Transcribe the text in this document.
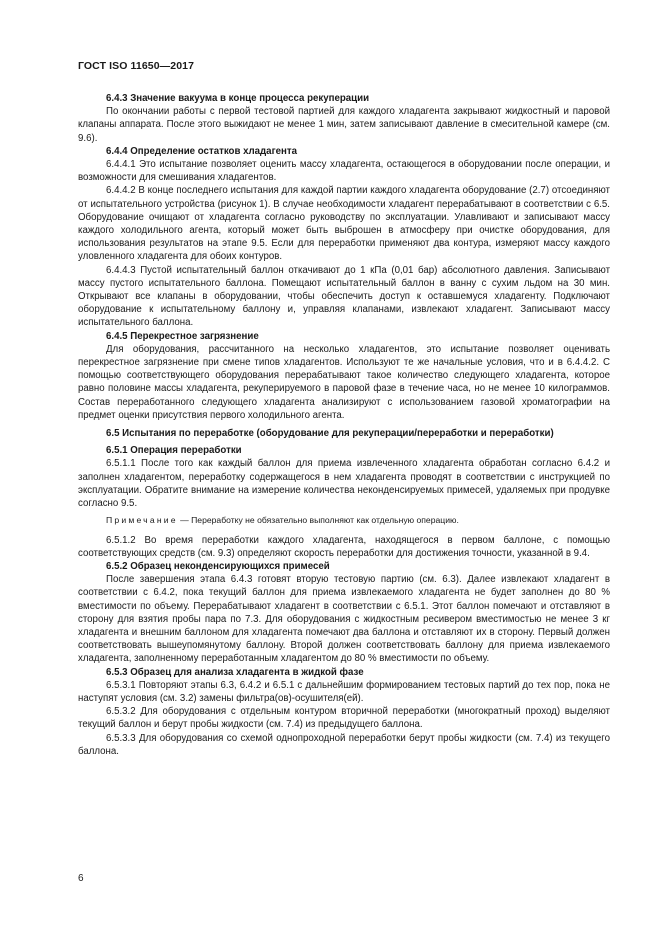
ГОСТ ISO 11650—2017

6.4.3 Значение вакуума в конце процесса рекуперации

По окончании работы с первой тестовой партией для каждого хладагента закрывают жидкостный и паровой клапаны аппарата. После этого выжидают не менее 1 мин, затем записывают давление в смесительной камере (см. 9.6).

6.4.4 Определение остатков хладагента

6.4.4.1 Это испытание позволяет оценить массу хладагента, остающегося в оборудовании после операции, и возможности для смешивания хладагентов.

6.4.4.2 В конце последнего испытания для каждой партии каждого хладагента оборудование (2.7) отсоединяют от испытательного устройства (рисунок 1). В случае необходимости хладагент перерабатывают в соответствии с 6.5. Оборудование очищают от хладагента согласно руководству по эксплуатации. Улавливают и записывают массу каждого холодильного агента, который может быть выброшен в атмосферу при очистке оборудования, для использования результатов на этапе 9.5. Если для переработки применяют два контура, измеряют массу каждого уловленного хладагента для обоих контуров.

6.4.4.3 Пустой испытательный баллон откачивают до 1 кПа (0,01 бар) абсолютного давления. Записывают массу пустого испытательного баллона. Помещают испытательный баллон в ванну с сухим льдом на 30 мин. Открывают все клапаны в оборудовании, чтобы обеспечить доступ к оставшемуся хладагенту. Подключают оборудование к испытательному баллону и, управляя клапанами, извлекают хладагент. Записывают массу испытательного баллона.

6.4.5 Перекрестное загрязнение

Для оборудования, рассчитанного на несколько хладагентов, это испытание позволяет оценивать перекрестное загрязнение при смене типов хладагентов. Используют те же начальные условия, что и в 6.4.4.2. С помощью соответствующего оборудования перерабатывают такое количество следующего хладагента, которое равно половине массы хладагента, рекуперируемого в паровой фазе в течение часа, но не менее 10 килограммов. Состав переработанного следующего хладагента анализируют с использованием газовой хроматографии на предмет оценки присутствия первого холодильного агента.

6.5 Испытания по переработке (оборудование для рекуперации/переработки и переработки)

6.5.1 Операция переработки

6.5.1.1 После того как каждый баллон для приема извлеченного хладагента обработан согласно 6.4.2 и заполнен хладагентом, переработку содержащегося в нем хладагента проводят в соответствии с инструкцией по эксплуатации. Обратите внимание на измерение количества неконденсируемых примесей, удаляемых при продувке согласно 9.5.

Примечание — Переработку не обязательно выполняют как отдельную операцию.

6.5.1.2 Во время переработки каждого хладагента, находящегося в первом баллоне, с помощью соответствующих средств (см. 9.3) определяют скорость переработки для достижения точности, указанной в 9.4.

6.5.2 Образец неконденсирующихся примесей

После завершения этапа 6.4.3 готовят вторую тестовую партию (см. 6.3). Далее извлекают хладагент в соответствии с 6.4.2, пока текущий баллон для приема извлекаемого хладагента не будет заполнен до 80 % вместимости по объему. Перерабатывают хладагент в соответствии с 6.5.1. Этот баллон помечают и отставляют в сторону для взятия пробы пара по 7.3. Для оборудования с жидкостным ресивером вместимостью не менее 3 кг хладагента и внешним баллоном для хладагента помечают два баллона и отставляют их в сторону. Первый должен соответствовать вышеупомянутому баллону. Второй должен соответствовать баллону для приема извлекаемого хладагента, заполненному переработанным хладагентом до 80 % вместимости по объему.

6.5.3 Образец для анализа хладагента в жидкой фазе

6.5.3.1 Повторяют этапы 6.3, 6.4.2 и 6.5.1 с дальнейшим формированием тестовых партий до тех пор, пока не наступят условия (см. 3.2) замены фильтра(ов)-осушителя(ей).

6.5.3.2 Для оборудования с отдельным контуром вторичной переработки (многократный проход) выделяют текущий баллон и берут пробы жидкости (см. 7.4) из предыдущего баллона.

6.5.3.3 Для оборудования со схемой однопроходной переработки берут пробы жидкости (см. 7.4) из текущего баллона.

6
